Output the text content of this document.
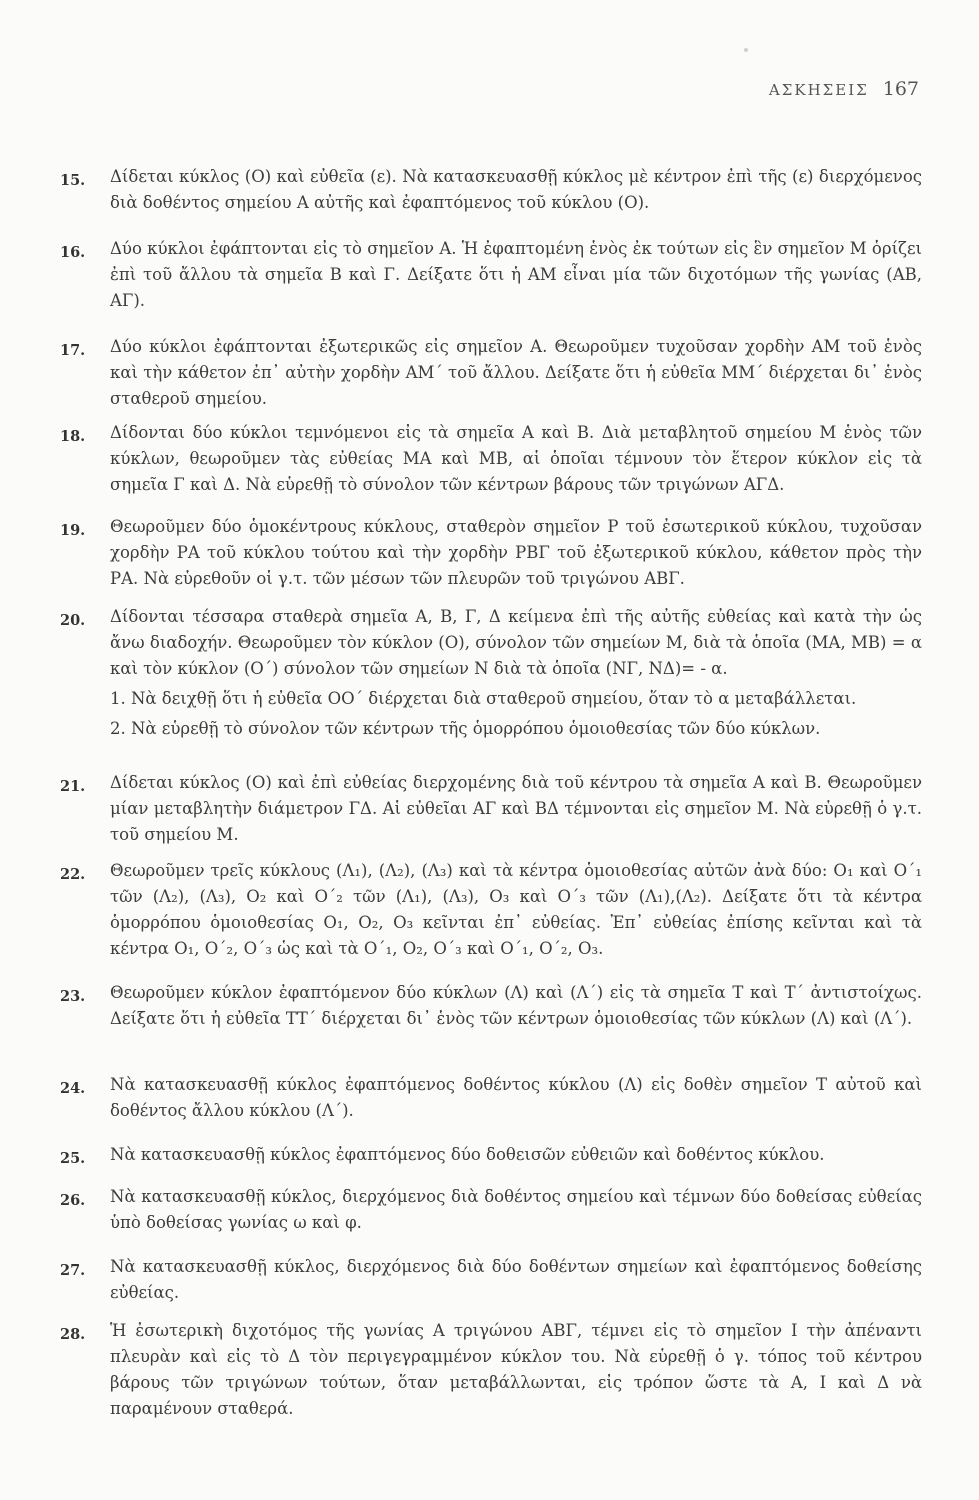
ΑΣΚΗΣΕΙΣ 167
15. Δίδεται κύκλος (Ο) καὶ εὐθεῖα (ε). Νὰ κατασκευασθῇ κύκλος μὲ κέντρον ἐπὶ τῆς (ε) διερχόμενος διὰ δοθέντος σημείου Α αὐτῆς καὶ ἐφαπτόμενος τοῦ κύκλου (Ο).
16. Δύο κύκλοι ἐφάπτονται εἰς τὸ σημεῖον Α. Ἡ ἐφαπτομένη ἑνὸς ἐκ τούτων εἰς ἓν σημεῖον Μ ὁρίζει ἐπὶ τοῦ ἄλλου τὰ σημεῖα Β καὶ Γ. Δείξατε ὅτι ἡ ΑΜ εἶναι μία τῶν διχοτόμων τῆς γωνίας (ΑΒ, ΑΓ).
17. Δύο κύκλοι ἐφάπτονται ἐξωτερικῶς εἰς σημεῖον Α. Θεωροῦμεν τυχοῦσαν χορδὴν ΑΜ τοῦ ἑνὸς καὶ τὴν κάθετον ἐπ᾽ αὐτὴν χορδὴν ΑΜ΄ τοῦ ἄλλου. Δείξατε ὅτι ἡ εὐθεῖα ΜΜ΄ διέρχεται δι᾽ ἑνὸς σταθεροῦ σημείου.
18. Δίδονται δύο κύκλοι τεμνόμενοι εἰς τὰ σημεῖα Α καὶ Β. Διὰ μεταβλητοῦ σημείου Μ ἑνὸς τῶν κύκλων, θεωροῦμεν τὰς εὐθείας ΜΑ καὶ ΜΒ, αἱ ὁποῖαι τέμνουν τὸν ἕτερον κύκλον εἰς τὰ σημεῖα Γ καὶ Δ. Νὰ εὑρεθῇ τὸ σύνολον τῶν κέντρων βάρους τῶν τριγώνων ΑΓΔ.
19. Θεωροῦμεν δύο ὁμοκέντρους κύκλους, σταθερὸν σημεῖον Ρ τοῦ ἐσωτερικοῦ κύκλου, τυχοῦσαν χορδὴν ΡΑ τοῦ κύκλου τούτου καὶ τὴν χορδὴν ΡΒΓ τοῦ ἐξωτερικοῦ κύκλου, κάθετον πρὸς τὴν ΡΑ. Νὰ εὑρεθοῦν οἱ γ.τ. τῶν μέσων τῶν πλευρῶν τοῦ τριγώνου ΑΒΓ.
20. Δίδονται τέσσαρα σταθερὰ σημεῖα Α, Β, Γ, Δ κείμενα ἐπὶ τῆς αὐτῆς εὐθείας καὶ κατὰ τὴν ὡς ἄνω διαδοχήν. Θεωροῦμεν τὸν κύκλον (Ο), σύνολον τῶν σημείων Μ, διὰ τὰ ὁποῖα (ΜΑ, ΜΒ) = α καὶ τὸν κύκλον (Ο΄) σύνολον τῶν σημείων Ν διὰ τὰ ὁποῖα (ΝΓ, ΝΔ)= - α.
1. Νὰ δειχθῇ ὅτι ἡ εὐθεῖα ΟΟ΄ διέρχεται διὰ σταθεροῦ σημείου, ὅταν τὸ α μεταβάλλεται.
2. Νὰ εὑρεθῇ τὸ σύνολον τῶν κέντρων τῆς ὁμορρόπου ὁμοιοθεσίας τῶν δύο κύκλων.
21. Δίδεται κύκλος (Ο) καὶ ἐπὶ εὐθείας διερχομένης διὰ τοῦ κέντρου τὰ σημεῖα Α καὶ Β. Θεωροῦμεν μίαν μεταβλητὴν διάμετρον ΓΔ. Αἱ εὐθεῖαι ΑΓ καὶ ΒΔ τέμνονται εἰς σημεῖον Μ. Νὰ εὑρεθῇ ὁ γ.τ. τοῦ σημείου Μ.
22. Θεωροῦμεν τρεῖς κύκλους (Λ₁), (Λ₂), (Λ₃) καὶ τὰ κέντρα ὁμοιοθεσίας αὐτῶν ἀνὰ δύο: Ο₁ καὶ Ο΄₁ τῶν (Λ₂), (Λ₃), Ο₂ καὶ Ο΄₂ τῶν (Λ₁), (Λ₃), Ο₃ καὶ Ο΄₃ τῶν (Λ₁),(Λ₂). Δείξατε ὅτι τὰ κέντρα ὁμορρόπου ὁμοιοθεσίας Ο₁, Ο₂, Ο₃ κεῖνται ἐπ᾽ εὐθείας. Ἐπ᾽ εὐθείας ἐπίσης κεῖνται καὶ τὰ κέντρα Ο₁, Ο΄₂, Ο΄₃ ὡς καὶ τὰ Ο΄₁, Ο₂, Ο΄₃ καὶ Ο΄₁, Ο΄₂, Ο₃.
23. Θεωροῦμεν κύκλον ἐφαπτόμενον δύο κύκλων (Λ) καὶ (Λ΄) εἰς τὰ σημεῖα Τ καὶ Τ΄ ἀντιστοίχως. Δείξατε ὅτι ἡ εὐθεῖα ΤΤ΄ διέρχεται δι᾽ ἑνὸς τῶν κέντρων ὁμοιοθεσίας τῶν κύκλων (Λ) καὶ (Λ΄).
24. Νὰ κατασκευασθῇ κύκλος ἐφαπτόμενος δοθέντος κύκλου (Λ) εἰς δοθὲν σημεῖον Τ αὐτοῦ καὶ δοθέντος ἄλλου κύκλου (Λ΄).
25. Νὰ κατασκευασθῇ κύκλος ἐφαπτόμενος δύο δοθεισῶν εὐθειῶν καὶ δοθέντος κύκλου.
26. Νὰ κατασκευασθῇ κύκλος, διερχόμενος διὰ δοθέντος σημείου καὶ τέμνων δύο δοθείσας εὐθείας ὑπὸ δοθείσας γωνίας ω καὶ φ.
27. Νὰ κατασκευασθῇ κύκλος, διερχόμενος διὰ δύο δοθέντων σημείων καὶ ἐφαπτόμενος δοθείσης εὐθείας.
28. Ἡ ἐσωτερικὴ διχοτόμος τῆς γωνίας Α τριγώνου ΑΒΓ, τέμνει εἰς τὸ σημεῖον Ι τὴν ἀπέναντι πλευρὰν καὶ εἰς τὸ Δ τὸν περιγεγραμμένον κύκλον του. Νὰ εὑρεθῇ ὁ γ. τόπος τοῦ κέντρου βάρους τῶν τριγώνων τούτων, ὅταν μεταβάλλωνται, εἰς τρόπον ὥστε τὰ Α, Ι καὶ Δ νὰ παραμένουν σταθερά.
